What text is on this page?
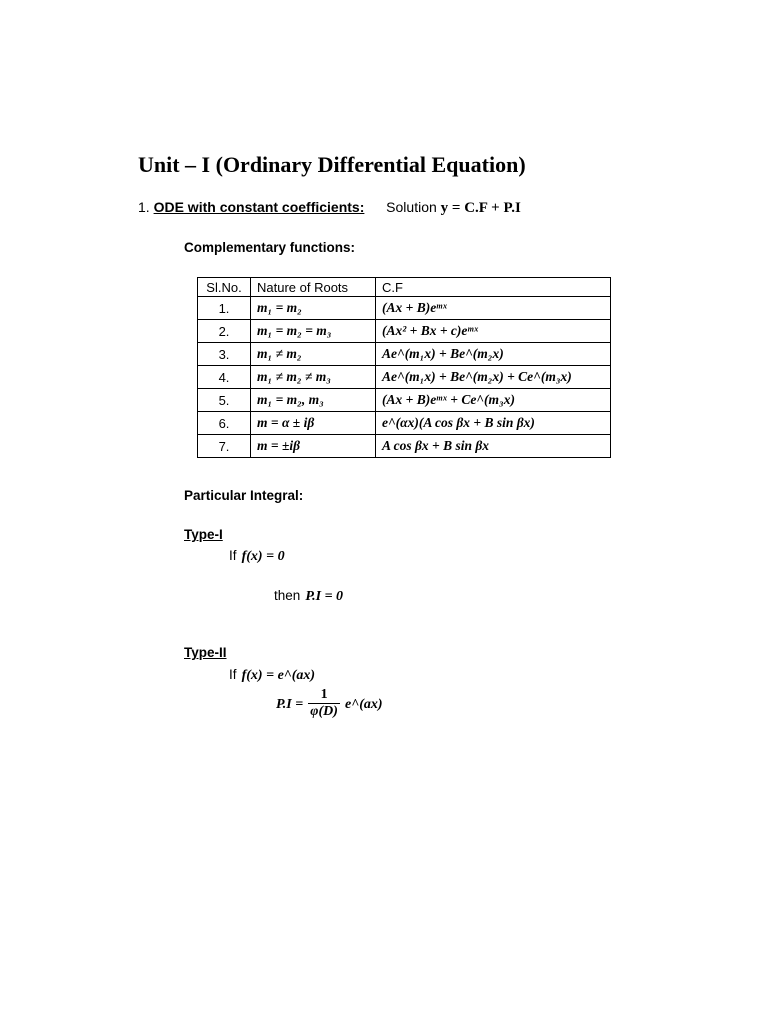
Unit – I (Ordinary Differential Equation)
1. ODE with constant coefficients: Solution y = C.F + P.I
Complementary functions:
Sl.No.	Nature of Roots	C.F
1.	m₁ = m₂	(Ax + B)eᵐˣ
2.	m₁ = m₂ = m₃	(Ax² + Bx + c)eᵐˣ
3.	m₁ ≠ m₂	Ae^(m₁x) + Be^(m₂x)
4.	m₁ ≠ m₂ ≠ m₃	Ae^(m₁x) + Be^(m₂x) + Ce^(m₃x)
5.	m₁ = m₂, m₃	(Ax + B)eᵐˣ + Ce^(m₃x)
6.	m = α ± iβ	e^(αx)(A cos βx + B sin βx)
7.	m = ±iβ	A cos βx + B sin βx
Particular Integral:
Type-I
If f(x) = 0
then P.I = 0
Type-II
If f(x) = e^(ax)
$P.I = \frac{1}{\varphi(D)}$ e^(ax)
